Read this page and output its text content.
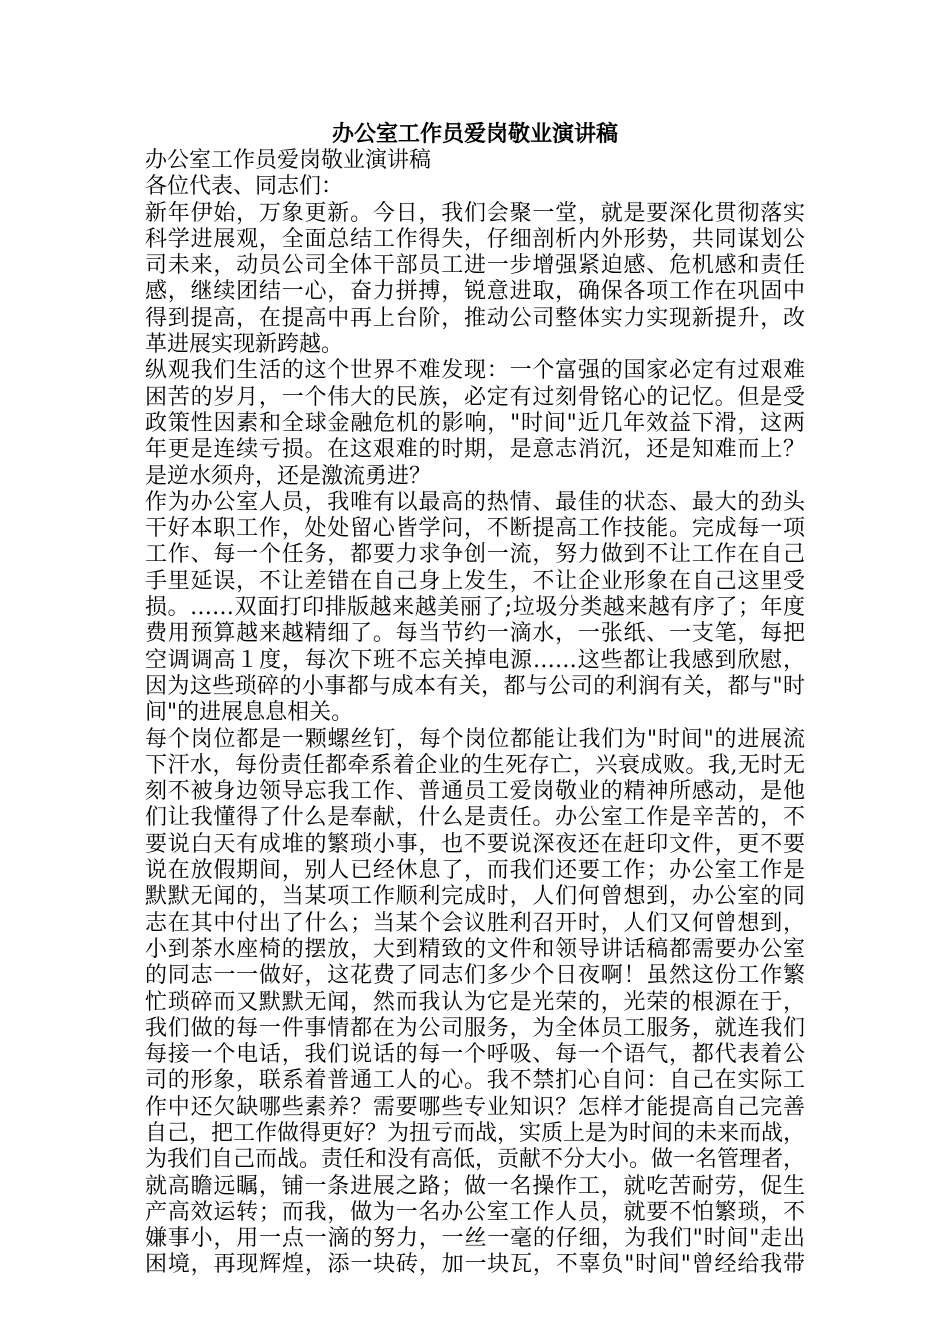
办公室工作员爱岗敬业演讲稿
办公室工作员爱岗敬业演讲稿
各位代表、同志们：
新年伊始，万象更新。今日，我们会聚一堂，就是要深化贯彻落实
科学进展观，全面总结工作得失，仔细剖析内外形势，共同谋划公
司未来，动员公司全体干部员工进一步增强紧迫感、危机感和责任
感，继续团结一心，奋力拼搏，锐意进取，确保各项工作在巩固中
得到提高，在提高中再上台阶，推动公司整体实力实现新提升，改
革进展实现新跨越。
纵观我们生活的这个世界不难发现：一个富强的国家必定有过艰难
困苦的岁月，一个伟大的民族，必定有过刻骨铭心的记忆。但是受
政策性因素和全球金融危机的影响，"时间"近几年效益下滑，这两
年更是连续亏损。在这艰难的时期，是意志消沉，还是知难而上？
是逆水须舟，还是激流勇进？
作为办公室人员，我唯有以最高的热情、最佳的状态、最大的劲头
干好本职工作，处处留心皆学问，不断提高工作技能。完成每一项
工作、每一个任务，都要力求争创一流，努力做到不让工作在自己
手里延误，不让差错在自己身上发生，不让企业形象在自己这里受
损。……双面打印排版越来越美丽了;垃圾分类越来越有序了；年度
费用预算越来越精细了。每当节约一滴水，一张纸、一支笔，每把
空调调高１度，每次下班不忘关掉电源……这些都让我感到欣慰，
因为这些琐碎的小事都与成本有关，都与公司的利润有关，都与"时
间"的进展息息相关。
每个岗位都是一颗螺丝钉，每个岗位都能让我们为"时间"的进展流
下汗水，每份责任都牵系着企业的生死存亡，兴衰成败。我,无时无
刻不被身边领导忘我工作、普通员工爱岗敬业的精神所感动，是他
们让我懂得了什么是奉献，什么是责任。办公室工作是辛苦的，不
要说白天有成堆的繁琐小事，也不要说深夜还在赶印文件，更不要
说在放假期间，别人已经休息了，而我们还要工作；办公室工作是
默默无闻的，当某项工作顺利完成时，人们何曾想到，办公室的同
志在其中付出了什么；当某个会议胜利召开时，人们又何曾想到，
小到茶水座椅的摆放，大到精致的文件和领导讲话稿都需要办公室
的同志一一做好，这花费了同志们多少个日夜啊！虽然这份工作繁
忙琐碎而又默默无闻，然而我认为它是光荣的，光荣的根源在于，
我们做的每一件事情都在为公司服务，为全体员工服务，就连我们
每接一个电话，我们说话的每一个呼吸、每一个语气，都代表着公
司的形象，联系着普通工人的心。我不禁扪心自问：自己在实际工
作中还欠缺哪些素养？需要哪些专业知识？怎样才能提高自己完善
自己，把工作做得更好？为扭亏而战，实质上是为时间的未来而战，
为我们自己而战。责任和没有高低，贡献不分大小。做一名管理者，
就高瞻远瞩，铺一条进展之路；做一名操作工，就吃苦耐劳，促生
产高效运转；而我，做为一名办公室工作人员，就要不怕繁琐，不
嫌事小，用一点一滴的努力，一丝一毫的仔细，为我们"时间"走出
困境，再现辉煌，添一块砖，加一块瓦，不辜负"时间"曾经给我带
